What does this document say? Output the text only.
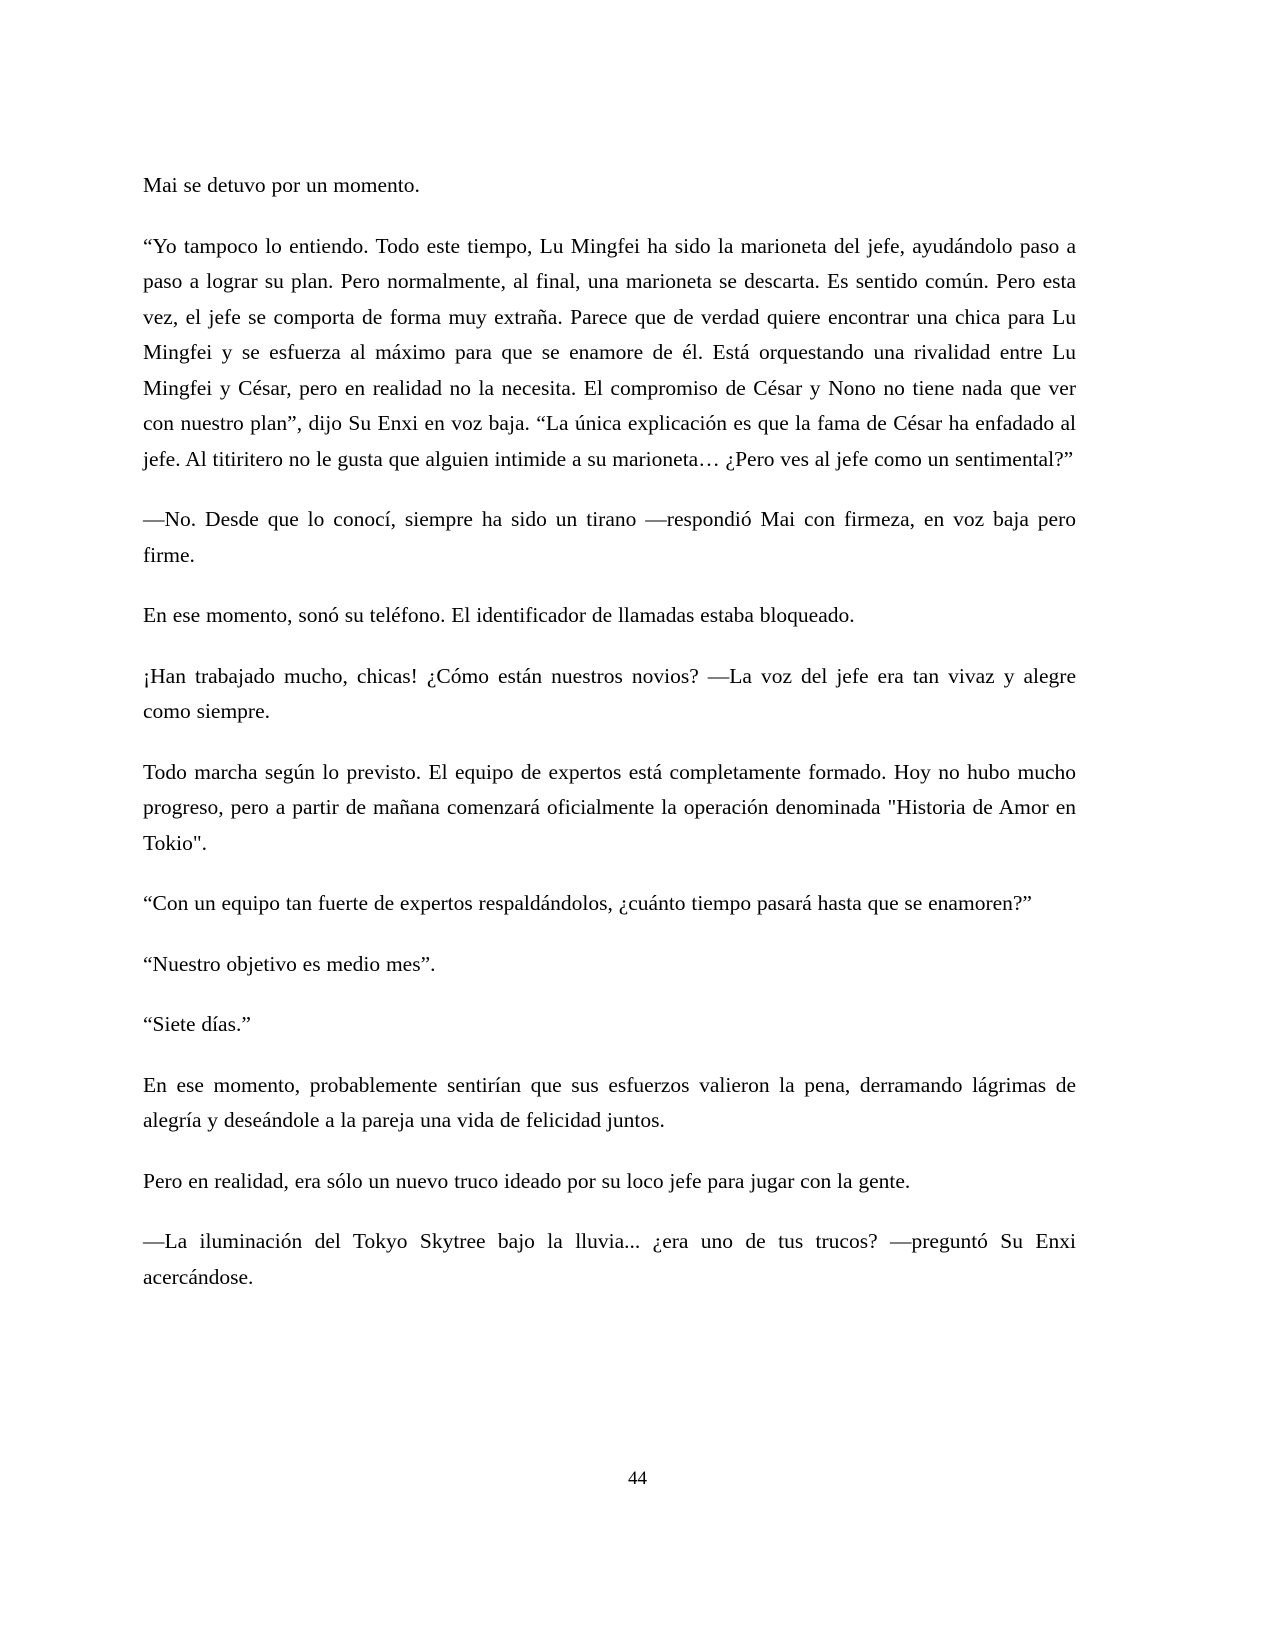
Mai se detuvo por un momento.

“Yo tampoco lo entiendo. Todo este tiempo, Lu Mingfei ha sido la marioneta del jefe, ayudándolo paso a paso a lograr su plan. Pero normalmente, al final, una marioneta se descarta. Es sentido común. Pero esta vez, el jefe se comporta de forma muy extraña. Parece que de verdad quiere encontrar una chica para Lu Mingfei y se esfuerza al máximo para que se enamore de él. Está orquestando una rivalidad entre Lu Mingfei y César, pero en realidad no la necesita. El compromiso de César y Nono no tiene nada que ver con nuestro plan”, dijo Su Enxi en voz baja. “La única explicación es que la fama de César ha enfadado al jefe. Al titiritero no le gusta que alguien intimide a su marioneta… ¿Pero ves al jefe como un sentimental?”

—No. Desde que lo conocí, siempre ha sido un tirano —respondió Mai con firmeza, en voz baja pero firme.

En ese momento, sonó su teléfono. El identificador de llamadas estaba bloqueado.

¡Han trabajado mucho, chicas! ¿Cómo están nuestros novios? —La voz del jefe era tan vivaz y alegre como siempre.

Todo marcha según lo previsto. El equipo de expertos está completamente formado. Hoy no hubo mucho progreso, pero a partir de mañana comenzará oficialmente la operación denominada "Historia de Amor en Tokio".

“Con un equipo tan fuerte de expertos respaldándolos, ¿cuánto tiempo pasará hasta que se enamoren?”

“Nuestro objetivo es medio mes”.

“Siete días.”

En ese momento, probablemente sentirían que sus esfuerzos valieron la pena, derramando lágrimas de alegría y deseándole a la pareja una vida de felicidad juntos.

Pero en realidad, era sólo un nuevo truco ideado por su loco jefe para jugar con la gente.

—La iluminación del Tokyo Skytree bajo la lluvia... ¿era uno de tus trucos? —preguntó Su Enxi acercándose.

44
